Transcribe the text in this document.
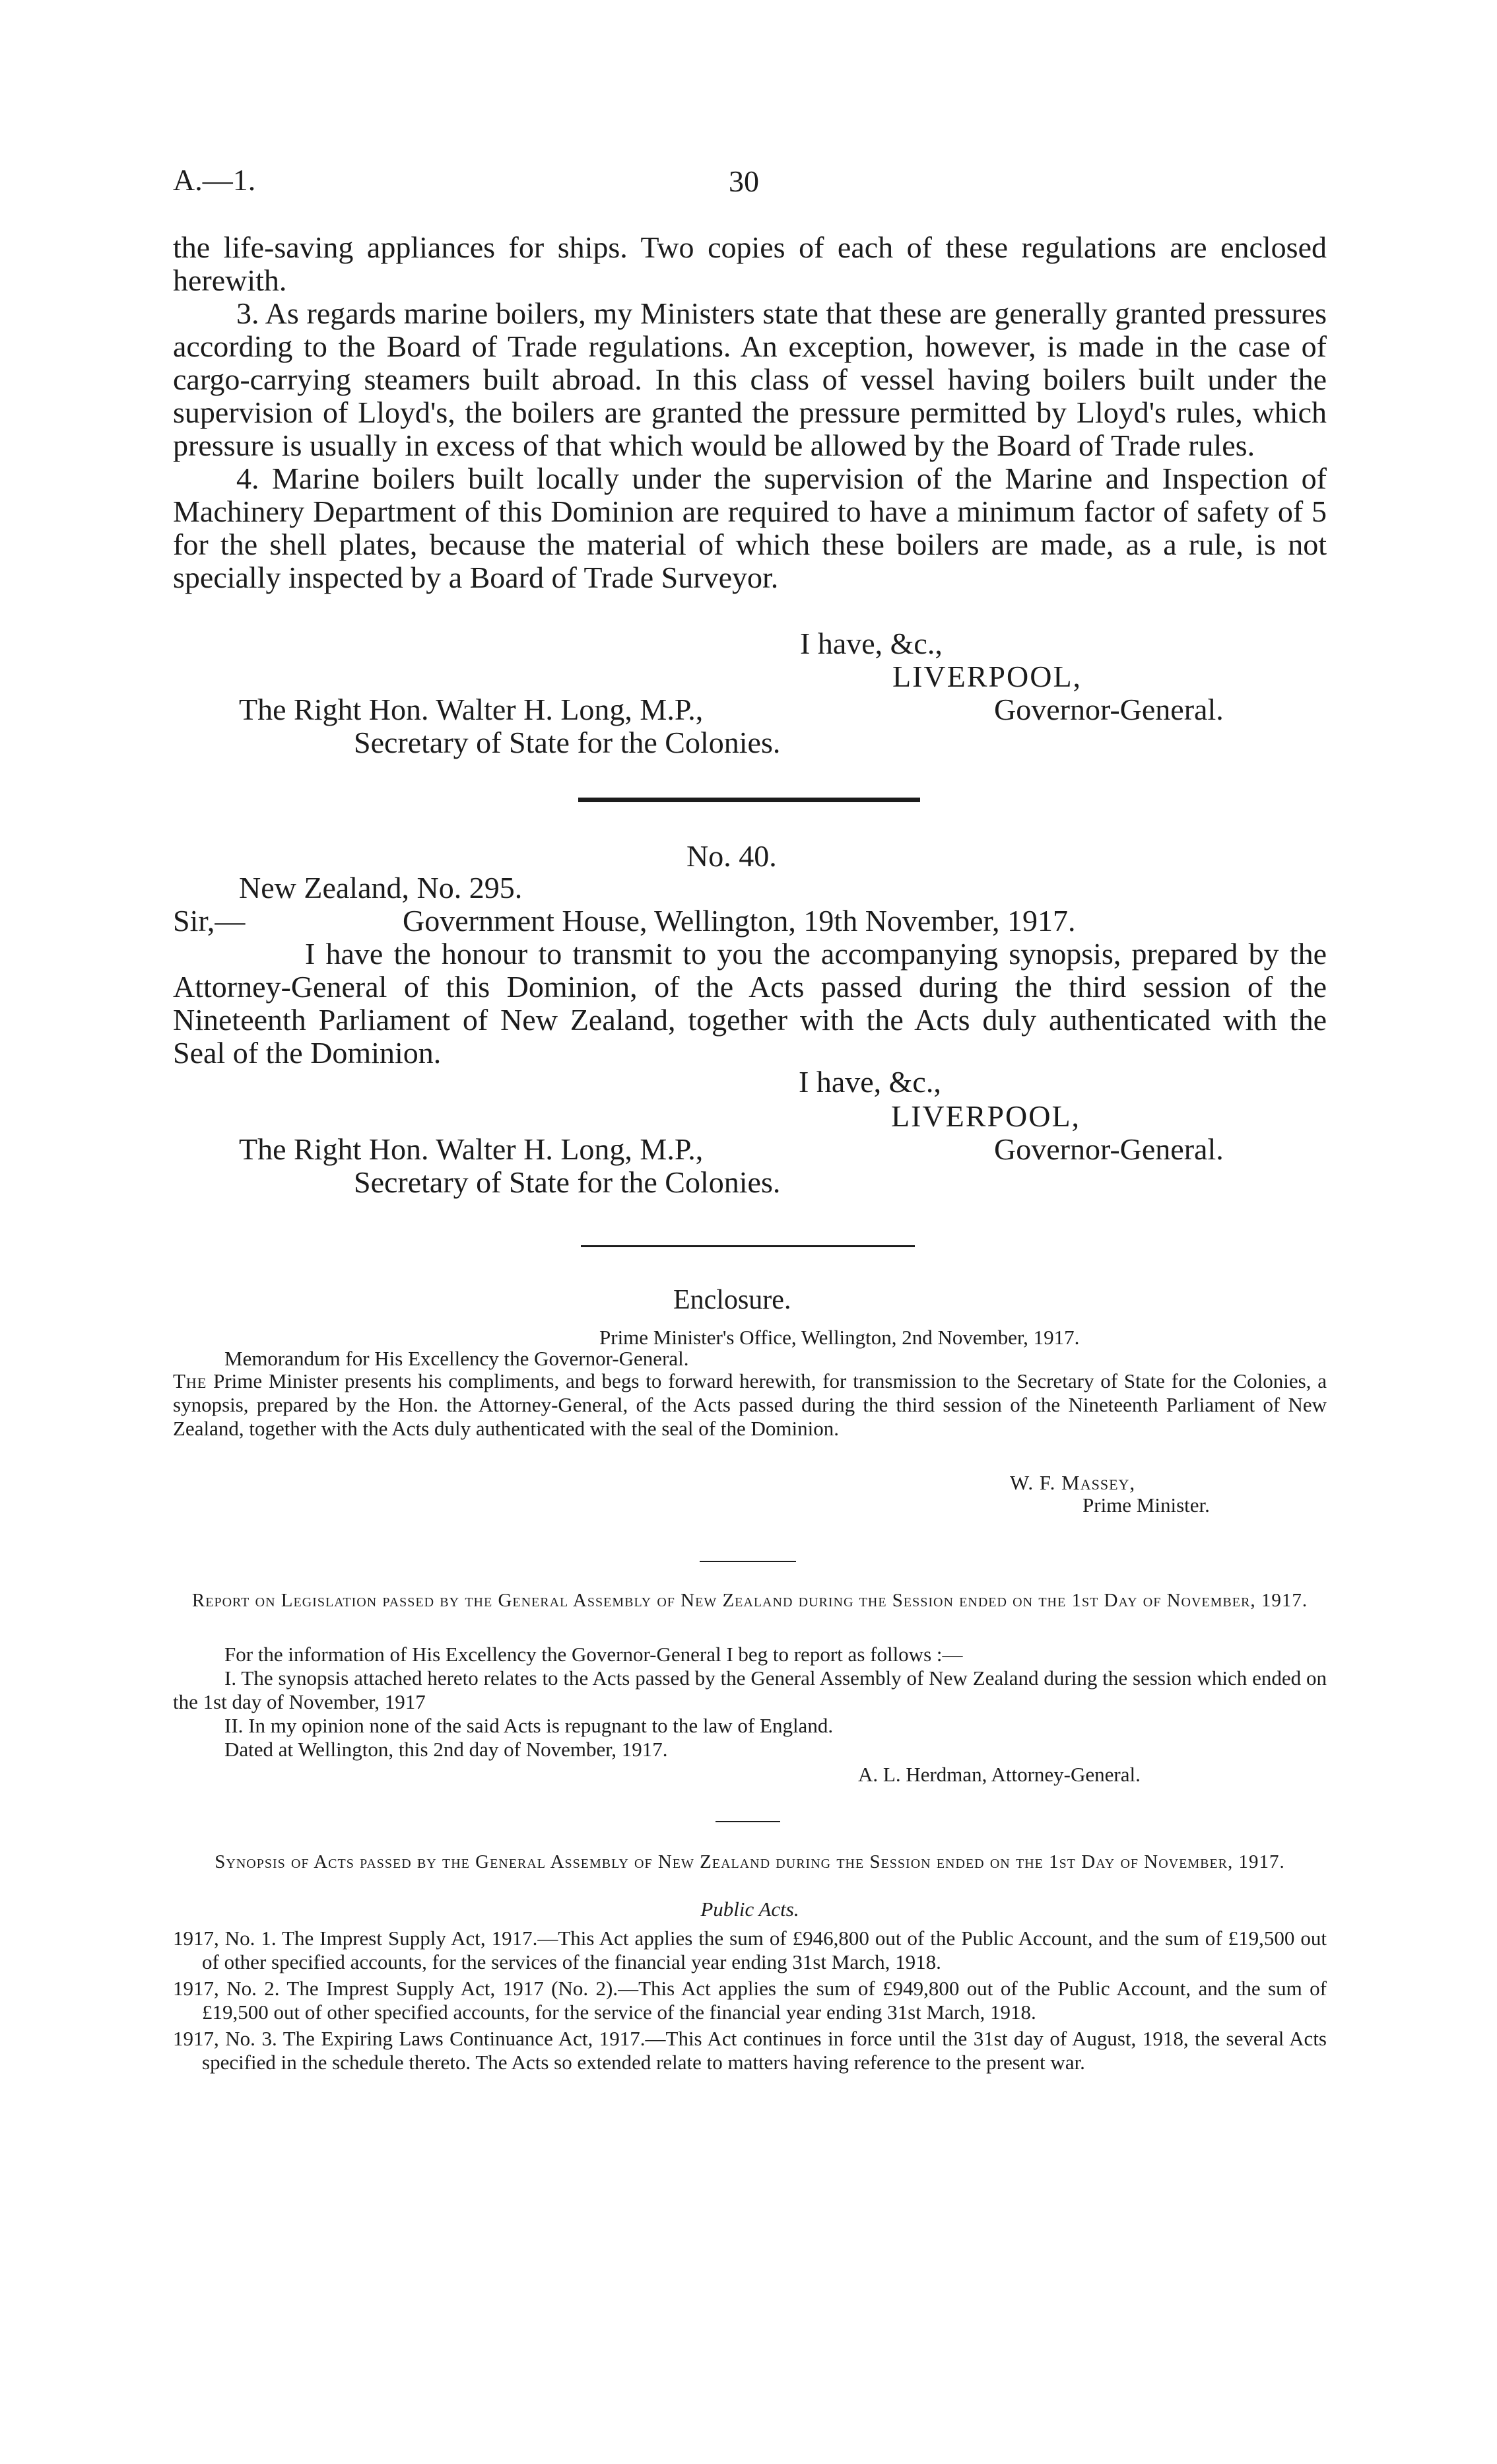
A.—1.	30

the life-saving appliances for ships. Two copies of each of these regulations are enclosed herewith.

3. As regards marine boilers, my Ministers state that these are generally granted pressures according to the Board of Trade regulations. An exception, however, is made in the case of cargo-carrying steamers built abroad. In this class of vessel having boilers built under the supervision of Lloyd's, the boilers are granted the pressure permitted by Lloyd's rules, which pressure is usually in excess of that which would be allowed by the Board of Trade rules.

4. Marine boilers built locally under the supervision of the Marine and Inspection of Machinery Department of this Dominion are required to have a minimum factor of safety of 5 for the shell plates, because the material of which these boilers are made, as a rule, is not specially inspected by a Board of Trade Surveyor.

I have, &c.,
LIVERPOOL,
The Right Hon. Walter H. Long, M.P.,	Governor-General.
Secretary of State for the Colonies.
No. 40.
New Zealand, No. 295.
Sir,—	Government House, Wellington, 19th November, 1917.

I have the honour to transmit to you the accompanying synopsis, prepared by the Attorney-General of this Dominion, of the Acts passed during the third session of the Nineteenth Parliament of New Zealand, together with the Acts duly authenticated with the Seal of the Dominion.

I have, &c.,
LIVERPOOL,
The Right Hon. Walter H. Long, M.P.,	Governor-General.
Secretary of State for the Colonies.
Enclosure.
Prime Minister's Office, Wellington, 2nd November, 1917.
Memorandum for His Excellency the Governor-General.

The Prime Minister presents his compliments, and begs to forward herewith, for transmission to the Secretary of State for the Colonies, a synopsis, prepared by the Hon. the Attorney-General, of the Acts passed during the third session of the Nineteenth Parliament of New Zealand, together with the Acts duly authenticated with the seal of the Dominion.

W. F. Massey,
Prime Minister.
Report on Legislation passed by the General Assembly of New Zealand during the Session ended on the 1st Day of November, 1917.
For the information of His Excellency the Governor-General I beg to report as follows :—

I. The synopsis attached hereto relates to the Acts passed by the General Assembly of New Zealand during the session which ended on the 1st day of November, 1917

II. In my opinion none of the said Acts is repugnant to the law of England.
Dated at Wellington, this 2nd day of November, 1917.
A. L. Herdman, Attorney-General.
Synopsis of Acts passed by the General Assembly of New Zealand during the Session ended on the 1st Day of November, 1917.
Public Acts.

1917, No. 1. The Imprest Supply Act, 1917.—This Act applies the sum of £946,800 out of the Public Account, and the sum of £19,500 out of other specified accounts, for the services of the financial year ending 31st March, 1918.

1917, No. 2. The Imprest Supply Act, 1917 (No. 2).—This Act applies the sum of £949,800 out of the Public Account, and the sum of £19,500 out of other specified accounts, for the service of the financial year ending 31st March, 1918.

1917, No. 3. The Expiring Laws Continuance Act, 1917.—This Act continues in force until the 31st day of August, 1918, the several Acts specified in the schedule thereto. The Acts so extended relate to matters having reference to the present war.
